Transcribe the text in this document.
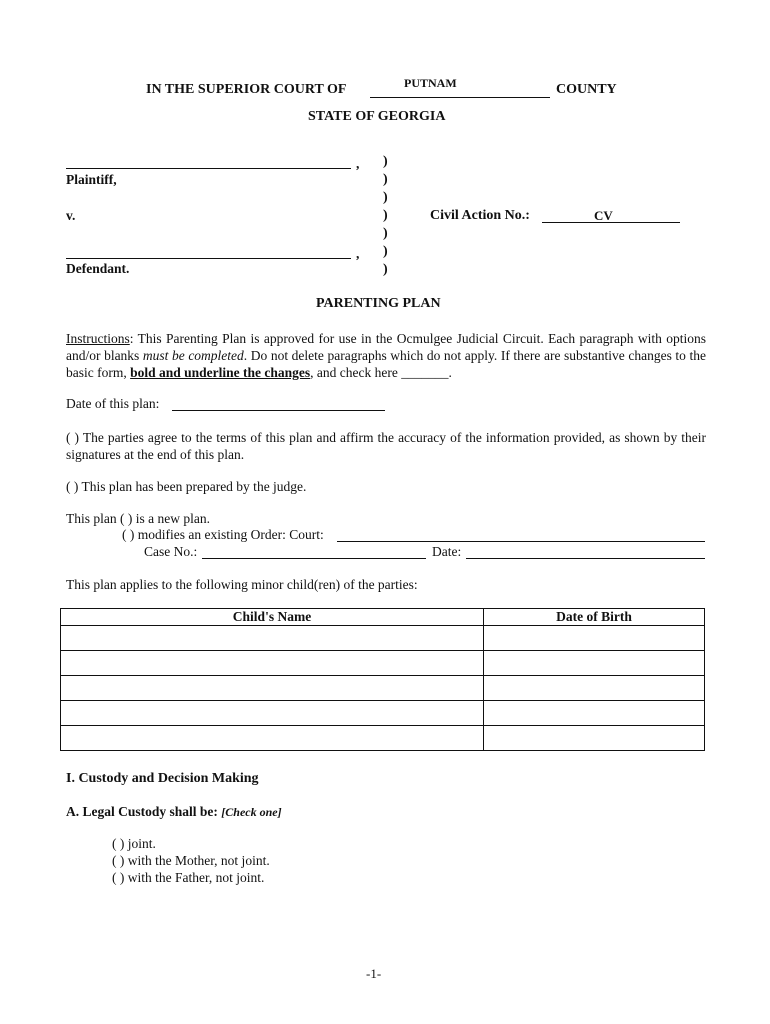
IN THE SUPERIOR COURT OF	PUTNAM	COUNTY
STATE OF GEORGIA
,
Plaintiff,
v.
,
Defendant.
)
)
)
)
)
)
)
Civil Action No.:	CV
PARENTING PLAN
Instructions: This Parenting Plan is approved for use in the Ocmulgee Judicial Circuit. Each paragraph with options and/or blanks must be completed. Do not delete paragraphs which do not apply. If there are substantive changes to the basic form, bold and underline the changes, and check here _______.
Date of this plan:
( ) The parties agree to the terms of this plan and affirm the accuracy of the information provided, as shown by their signatures at the end of this plan.
( ) This plan has been prepared by the judge.
This plan ( ) is a new plan.
( ) modifies an existing Order: Court:
Case No.:	Date:
This plan applies to the following minor child(ren) of the parties:
Child's Name	Date of Birth

I. Custody and Decision Making
A. Legal Custody shall be: [Check one]
( ) joint.
( ) with the Mother, not joint.
( ) with the Father, not joint.
-1-
